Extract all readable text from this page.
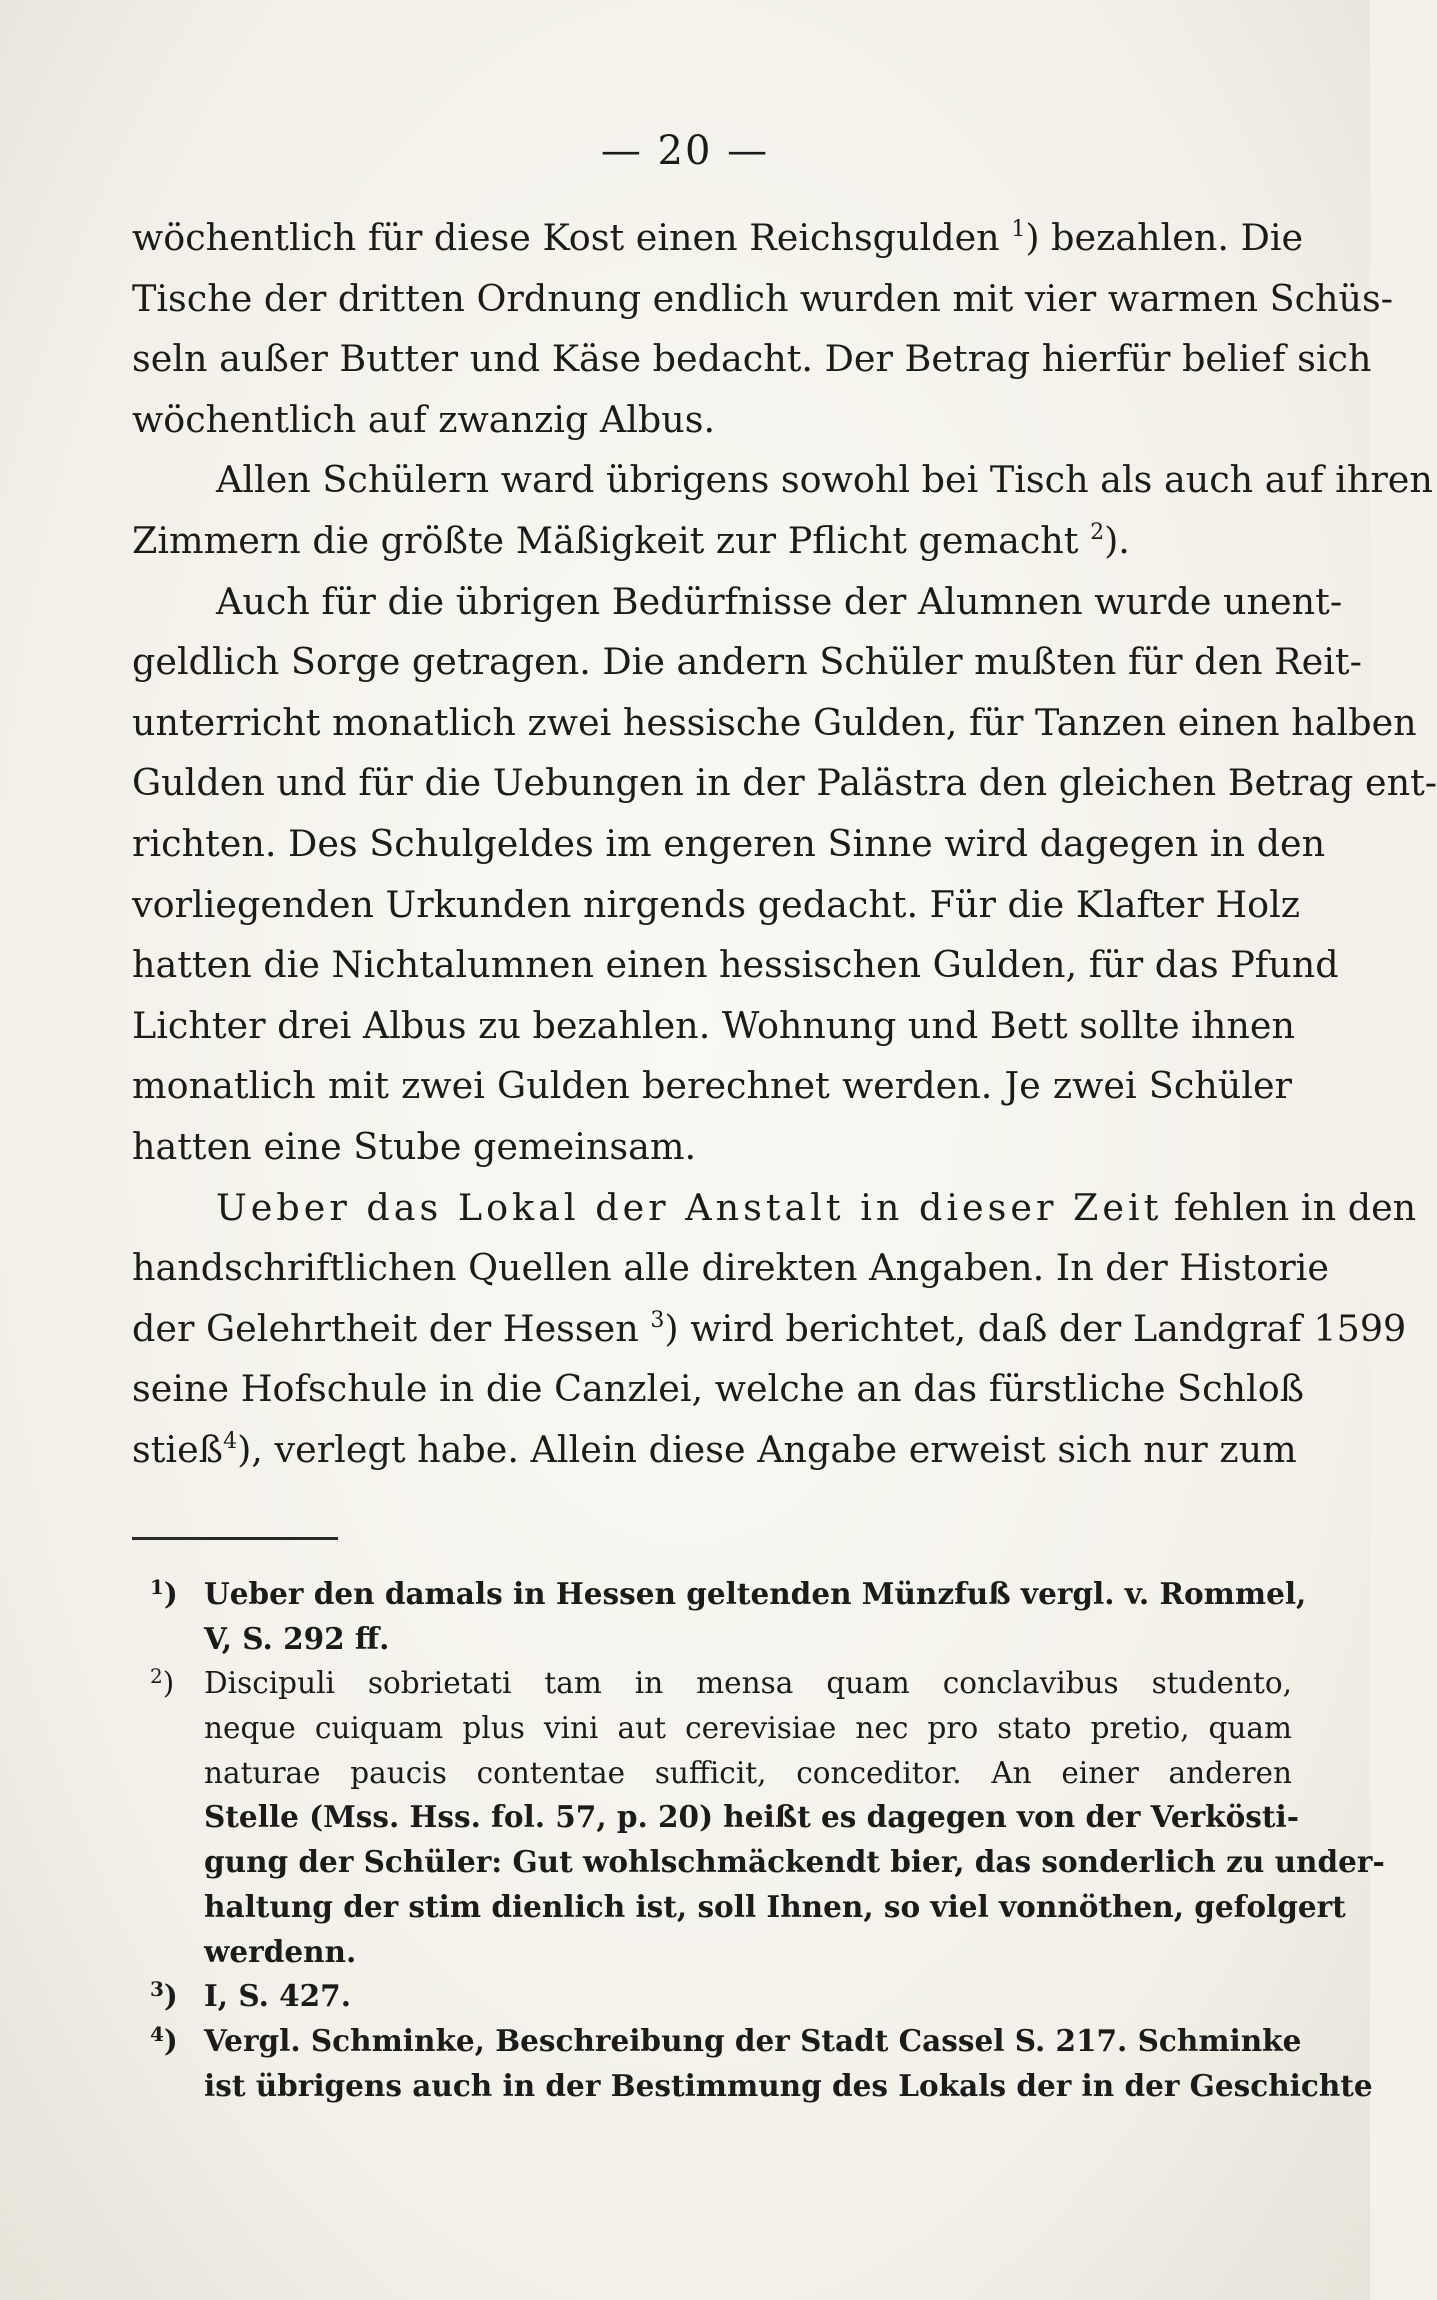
— 20 —
wöchentlich für diese Kost einen Reichsgulden $^1$) bezahlen. Die
Tische der dritten Ordnung endlich wurden mit vier warmen Schüs-
seln außer Butter und Käse bedacht. Der Betrag hierfür belief sich
wöchentlich auf zwanzig Albus.
Allen Schülern ward übrigens sowohl bei Tisch als auch auf ihren
Zimmern die größte Mäßigkeit zur Pflicht gemacht $^2$).
Auch für die übrigen Bedürfnisse der Alumnen wurde unent-
geldlich Sorge getragen. Die andern Schüler mußten für den Reit-
unterricht monatlich zwei hessische Gulden, für Tanzen einen halben
Gulden und für die Uebungen in der Palästra den gleichen Betrag ent-
richten. Des Schulgeldes im engeren Sinne wird dagegen in den
vorliegenden Urkunden nirgends gedacht. Für die Klafter Holz
hatten die Nichtalumnen einen hessischen Gulden, für das Pfund
Lichter drei Albus zu bezahlen. Wohnung und Bett sollte ihnen
monatlich mit zwei Gulden berechnet werden. Je zwei Schüler
hatten eine Stube gemeinsam.
Ueber das Lokal der Anstalt in dieser Zeit fehlen in den
handschriftlichen Quellen alle direkten Angaben. In der Historie
der Gelehrtheit der Hessen $^3$) wird berichtet, daß der Landgraf 1599
seine Hofschule in die Canzlei, welche an das fürstliche Schloß
stieß$^4$), verlegt habe. Allein diese Angabe erweist sich nur zum
$^1$) Ueber den damals in Hessen geltenden Münzfuß vergl. v. Rommel,
V, S. 292 ff.
$^2$) Discipuli sobrietati tam in mensa quam conclavibus studento,
neque cuiquam plus vini aut cerevisiae nec pro stato pretio, quam
naturae paucis contentae sufficit, conceditor. An einer anderen
Stelle (Mss. Hss. fol. 57, p. 20) heißt es dagegen von der Verkösti-
gung der Schüler: Gut wohlschmäckendt bier, das sonderlich zu under-
haltung der stim dienlich ist, soll Ihnen, so viel vonnöthen, gefolgert
werdenn.
$^3$) I, S. 427.
$^4$) Vergl. Schminke, Beschreibung der Stadt Cassel S. 217. Schminke
ist übrigens auch in der Bestimmung des Lokals der in der Geschichte
